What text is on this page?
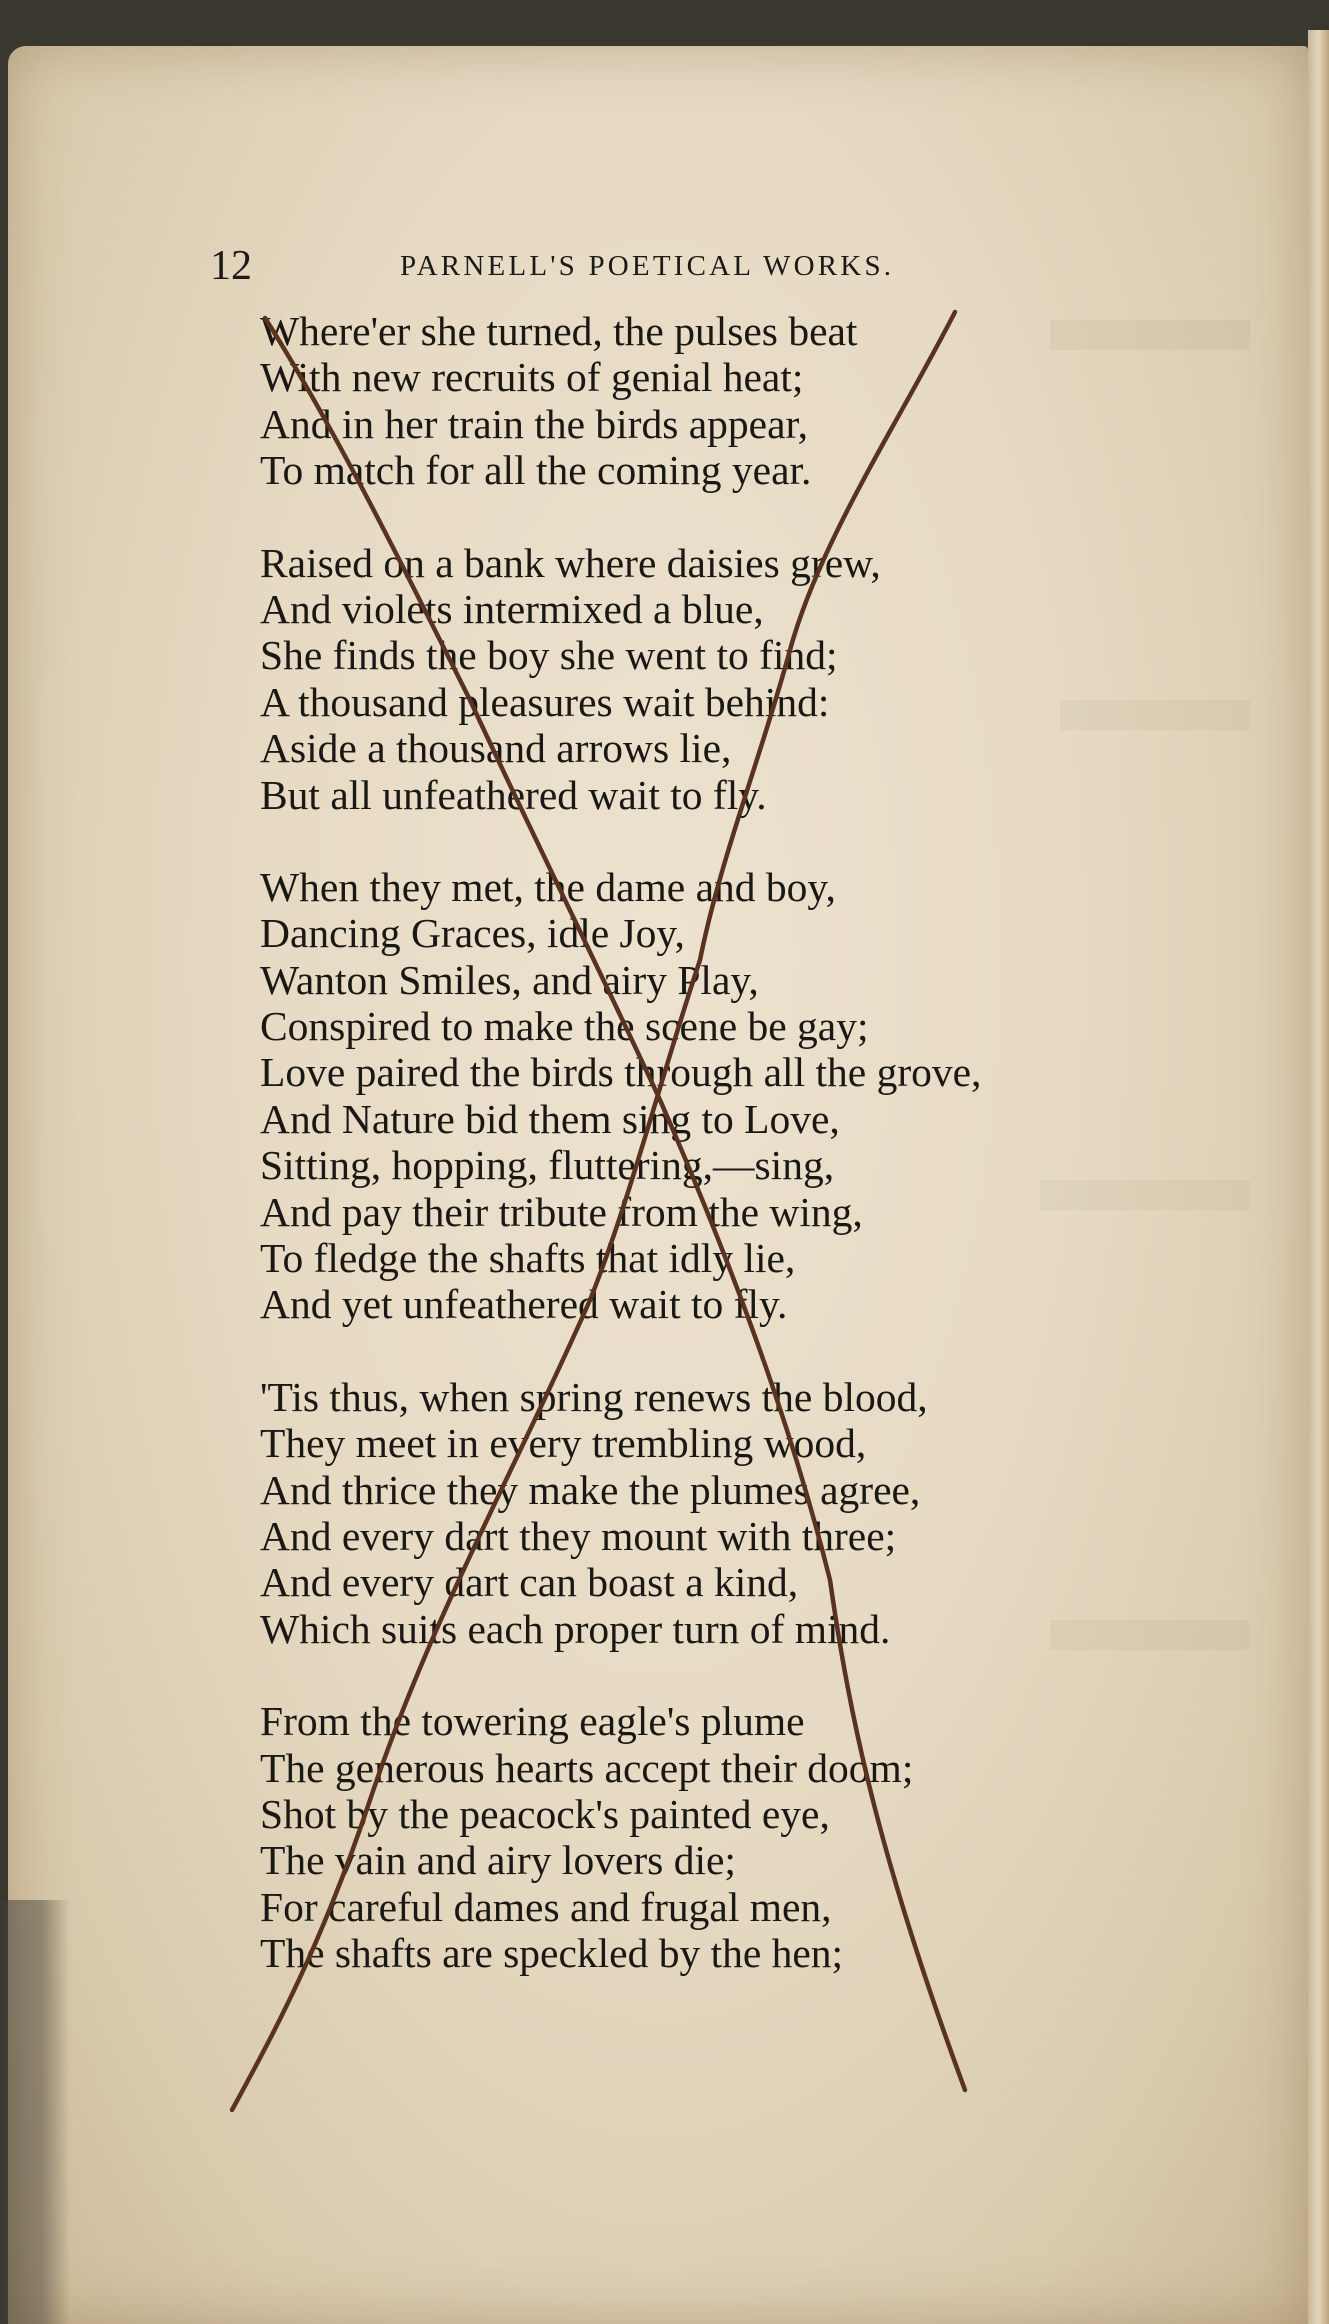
12	PARNELL'S POETICAL WORKS.
Where'er she turned, the pulses beat
With new recruits of genial heat;
And in her train the birds appear,
To match for all the coming year.
Raised on a bank where daisies grew,
And violets intermixed a blue,
She finds the boy she went to find;
A thousand pleasures wait behind:
Aside a thousand arrows lie,
But all unfeathered wait to fly.
When they met, the dame and boy,
Dancing Graces, idle Joy,
Wanton Smiles, and airy Play,
Conspired to make the scene be gay;
Love paired the birds through all the grove,
And Nature bid them sing to Love,
Sitting, hopping, fluttering,—sing,
And pay their tribute from the wing,
To fledge the shafts that idly lie,
And yet unfeathered wait to fly.
'Tis thus, when spring renews the blood,
They meet in every trembling wood,
And thrice they make the plumes agree,
And every dart they mount with three;
And every dart can boast a kind,
Which suits each proper turn of mind.
From the towering eagle's plume
The generous hearts accept their doom;
Shot by the peacock's painted eye,
The vain and airy lovers die;
For careful dames and frugal men,
The shafts are speckled by the hen;
